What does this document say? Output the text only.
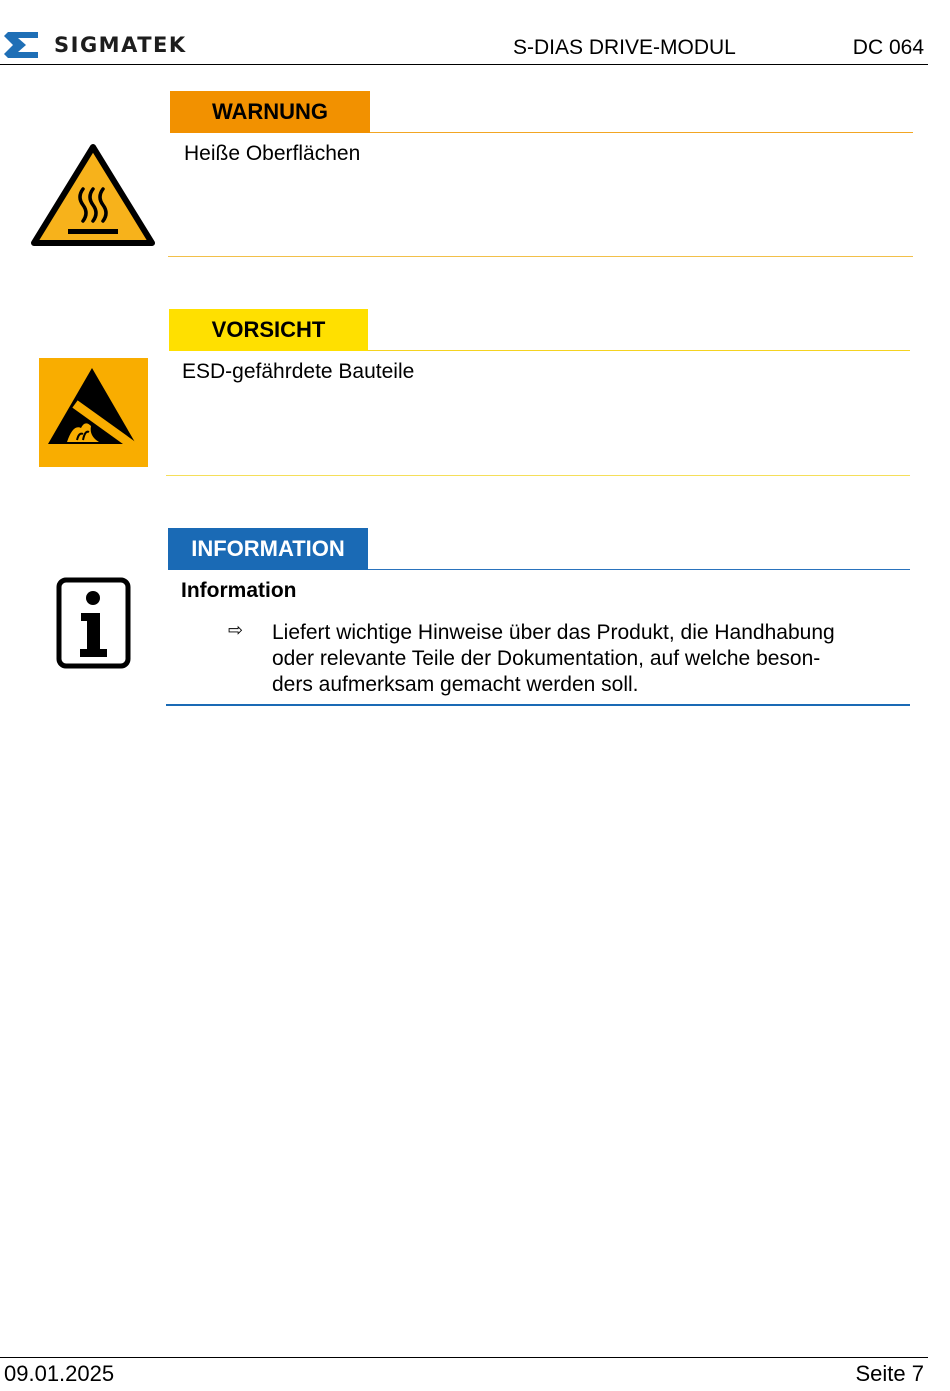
SIGMATEK	S-DIAS DRIVE-MODUL	DC 064
WARNUNG
Heiße Oberflächen
VORSICHT
ESD-gefährdete Bauteile
INFORMATION
Information
⇨ Liefert wichtige Hinweise über das Produkt, die Handhabung
oder relevante Teile der Dokumentation, auf welche beson-
ders aufmerksam gemacht werden soll.
09.01.2025	Seite 7
